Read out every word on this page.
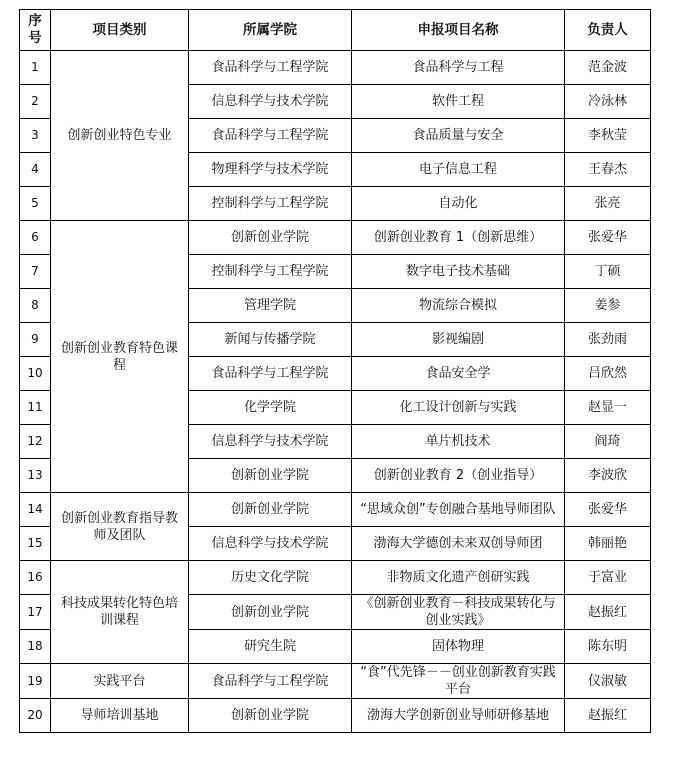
序号	项目类别	所属学院	申报项目名称	负责人
1	创新创业特色专业	食品科学与工程学院	食品科学与工程	范金波
2		信息科学与技术学院	软件工程	冷泳林
3		食品科学与工程学院	食品质量与安全	李秋莹
4		物理科学与技术学院	电子信息工程	王春杰
5		控制科学与工程学院	自动化	张亮
6	创新创业教育特色课程	创新创业学院	创新创业教育 1（创新思维）	张爱华
7		控制科学与工程学院	数字电子技术基础	丁硕
8		管理学院	物流综合模拟	姜参
9		新闻与传播学院	影视编剧	张劲雨
10		食品科学与工程学院	食品安全学	吕欣然
11		化学学院	化工设计创新与实践	赵显一
12		信息科学与技术学院	单片机技术	阎琦
13		创新创业学院	创新创业教育 2（创业指导）	李波欣
14	创新创业教育指导教师及团队	创新创业学院	“思域众创”专创融合基地导师团队	张爱华
15		信息科学与技术学院	渤海大学德创未来双创导师团	韩丽艳
16	科技成果转化特色培训课程	历史文化学院	非物质文化遗产创研实践	于富业
17		创新创业学院	《创新创业教育－科技成果转化与创业实践》	赵振红
18		研究生院	固体物理	陈东明
19	实践平台	食品科学与工程学院	“食”代先锋－－创业创新教育实践平台	仪淑敏
20	导师培训基地	创新创业学院	渤海大学创新创业导师研修基地	赵振红
